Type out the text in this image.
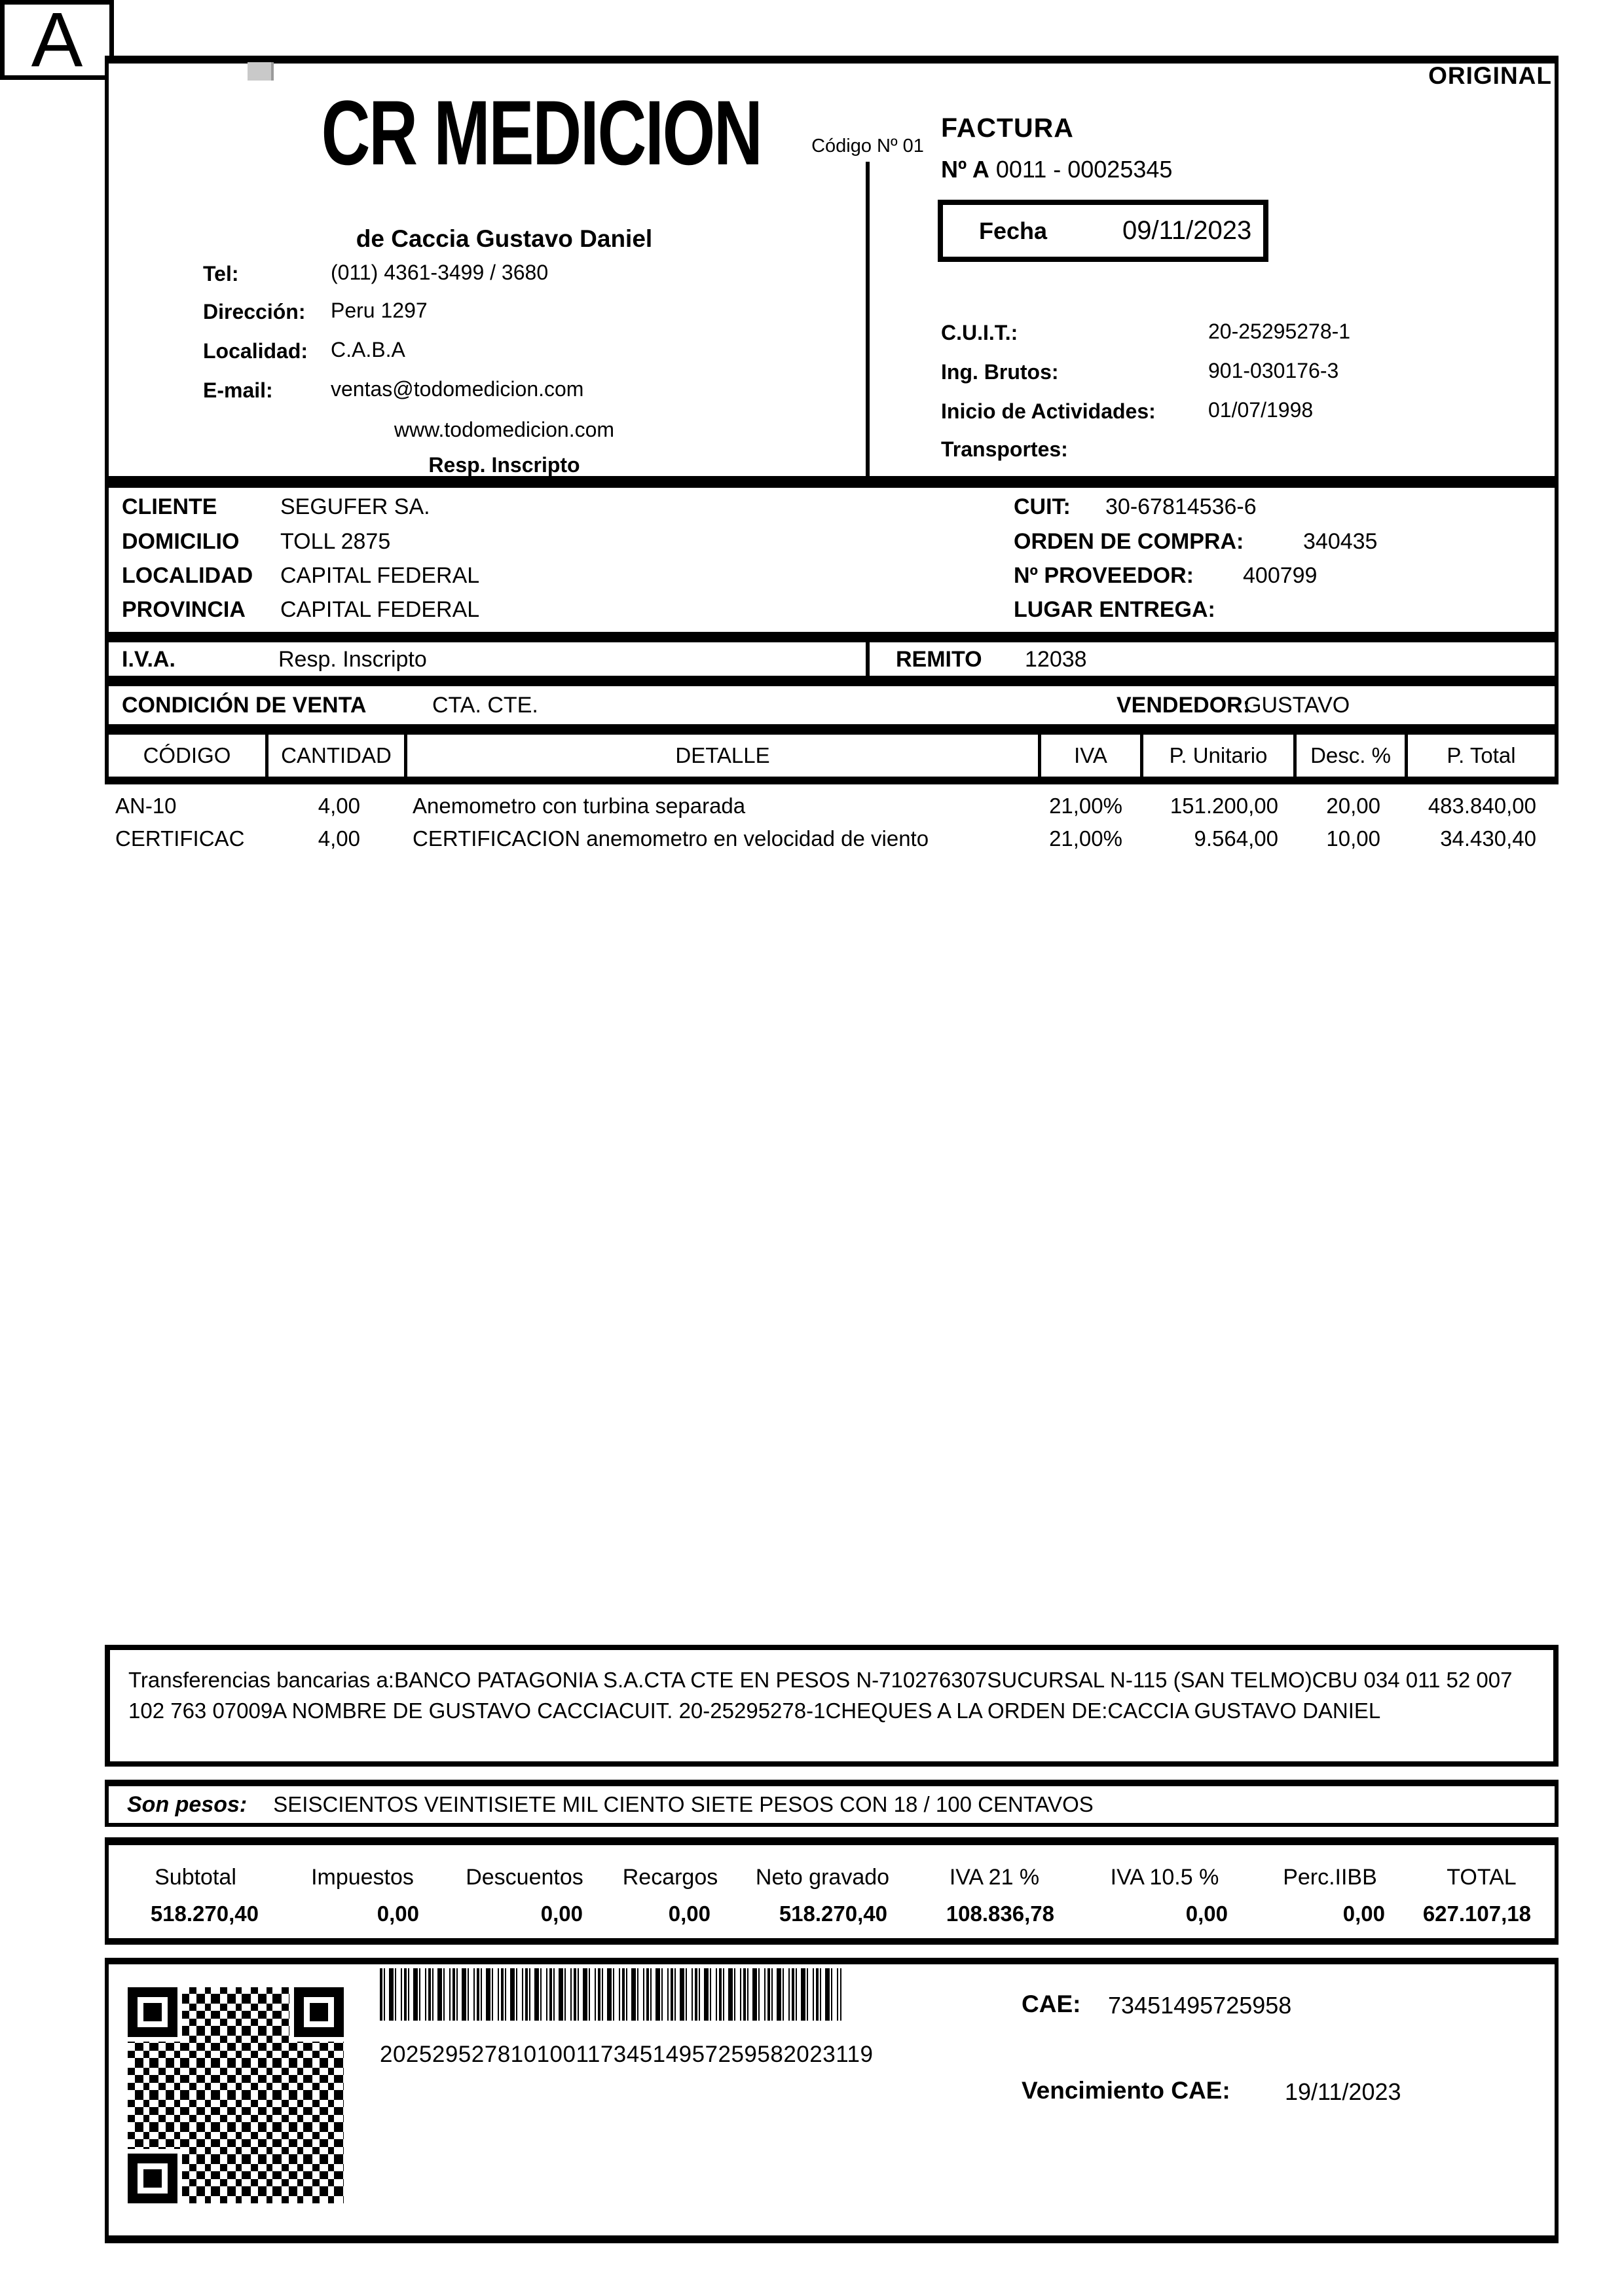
CR MEDICION
A
Código Nº 01
de Caccia Gustavo Daniel
Tel:	(011) 4361-3499 / 3680
Dirección: Peru 1297
Localidad: C.A.B.A
E-mail:	ventas@todomedicion.com
www.todomedicion.com
Resp. Inscripto
ORIGINAL
FACTURA
Nº A 0011 - 00025345
Fecha	09/11/2023
C.U.I.T.:	20-25295278-1
Ing. Brutos:	901-030176-3
Inicio de Actividades:	01/07/1998
Transportes:
CLIENTE	SEGUFER SA.
DOMICILIO TOLL 2875
LOCALIDAD CAPITAL FEDERAL
PROVINCIA CAPITAL FEDERAL
CUIT: 30-67814536-6
ORDEN DE COMPRA:	340435
Nº PROVEEDOR: 400799
LUGAR ENTREGA:
I.V.A.	Resp. Inscripto	REMITO 12038
CONDICIÓN DE VENTA	CTA. CTE.	VENDEDOR:
GUSTAVO
CÓDIGO	CANTIDAD	DETALLE	IVA	P. Unitario	Desc. %	P. Total
AN-10	4,00	Anemometro con turbina separada	21,00%	151.200,00	20,00	483.840,00
CERTIFICAC	4,00	CERTIFICACION anemometro en velocidad de viento	21,00%	9.564,00	10,00	34.430,40
Transferencias bancarias a:BANCO PATAGONIA S.A.CTA CTE EN PESOS N-710276307SUCURSAL N-115 (SAN TELMO)CBU 034 011 52 007 102 763 07009A NOMBRE DE GUSTAVO CACCIACUIT. 20-25295278-1CHEQUES A LA ORDEN DE:CACCIA GUSTAVO DANIEL
Son pesos: SEISCIENTOS VEINTISIETE MIL CIENTO SIETE PESOS CON 18 / 100 CENTAVOS
Subtotal	Impuestos	Descuentos	Recargos	Neto gravado	IVA 21 %	IVA 10.5 %	Perc.IIBB	TOTAL
518.270,40	0,00	0,00	0,00	518.270,40	108.836,78	0,00	0,00	627.107,18
20252952781010011734514957259582023119
CAE: 73451495725958
Vencimiento CAE: 19/11/2023
